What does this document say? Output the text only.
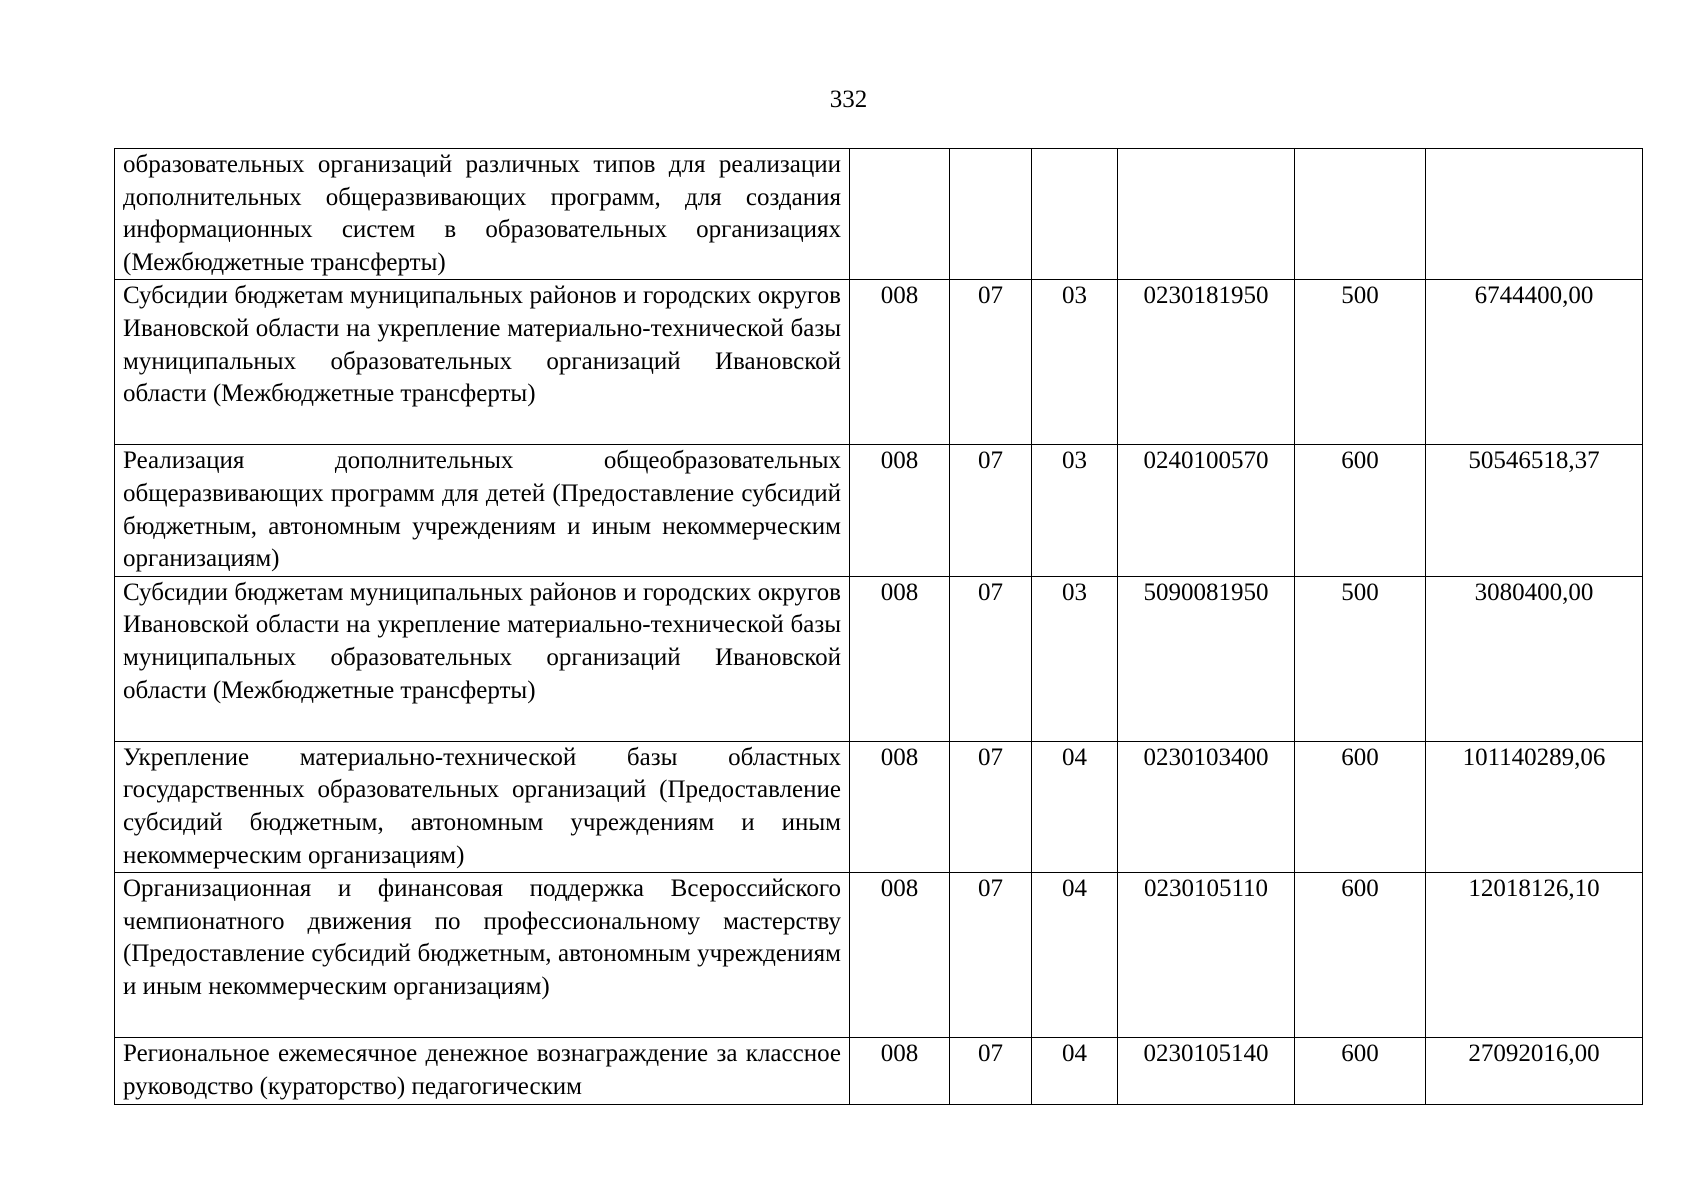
332
образовательных организаций различных типов для реализации дополнительных общеразвивающих программ, для создания информационных систем в образовательных организациях (Межбюджетные трансферты)						
Субсидии бюджетам муниципальных районов и городских округов Ивановской области на укрепление материально-технической базы муниципальных образовательных организаций Ивановской области (Межбюджетные трансферты)	008	07	03	0230181950	500	6744400,00
Реализация дополнительных общеобразовательных общеразвивающих программ для детей (Предоставление субсидий бюджетным, автономным учреждениям и иным некоммерческим организациям)	008	07	03	0240100570	600	50546518,37
Субсидии бюджетам муниципальных районов и городских округов Ивановской области на укрепление материально-технической базы муниципальных образовательных организаций Ивановской области (Межбюджетные трансферты)	008	07	03	5090081950	500	3080400,00
Укрепление материально-технической базы областных государственных образовательных организаций (Предоставление субсидий бюджетным, автономным учреждениям и иным некоммерческим организациям)	008	07	04	0230103400	600	101140289,06
Организационная и финансовая поддержка Всероссийского чемпионатного движения по профессиональному мастерству (Предоставление субсидий бюджетным, автономным учреждениям и иным некоммерческим организациям)	008	07	04	0230105110	600	12018126,10
Региональное ежемесячное денежное вознаграждение за классное руководство (кураторство) педагогическим	008	07	04	0230105140	600	27092016,00
